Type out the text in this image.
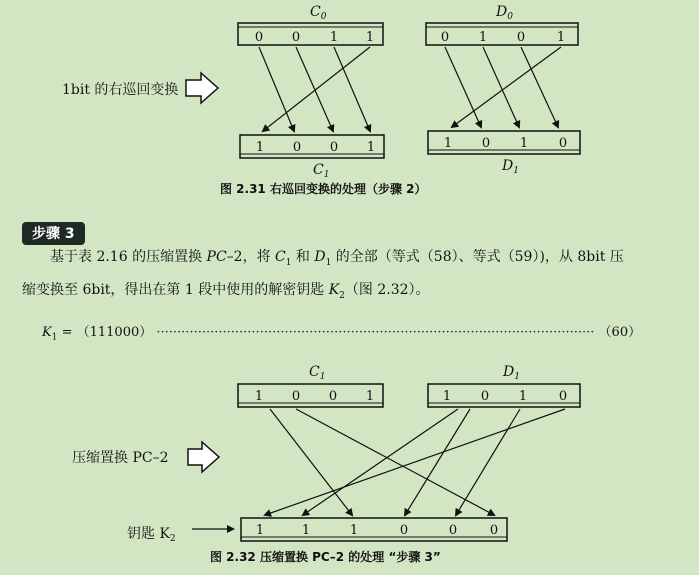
$C_0$	$D_0$
0 0 1 1	0 1 0 1
1bit 的右巡回变换
1 0 0 1	1 0 1 0
$C_1$
$D_1$
图 2.31 右巡回变换的处理（步骤 2）
步骤 3

基于表 2.16 的压缩置换 PC–2，将 $C_1$ 和 $D_1$ 的全部（等式（58）、等式（59）)，从 8bit 压

缩变换至 6bit，得出在第 1 段中使用的解密钥匙 $K_2$（图 2.32）。

$K_1 = (111000)$ ·········································································································· （60）
$C_1$	$D_1$
1 0 0 1	1 0 1 0
压缩置换 PC–2
钥匙 $K_2$
1	1	1	0	0	0
图 2.32 压缩置换 PC–2 的处理 “步骤 3”
